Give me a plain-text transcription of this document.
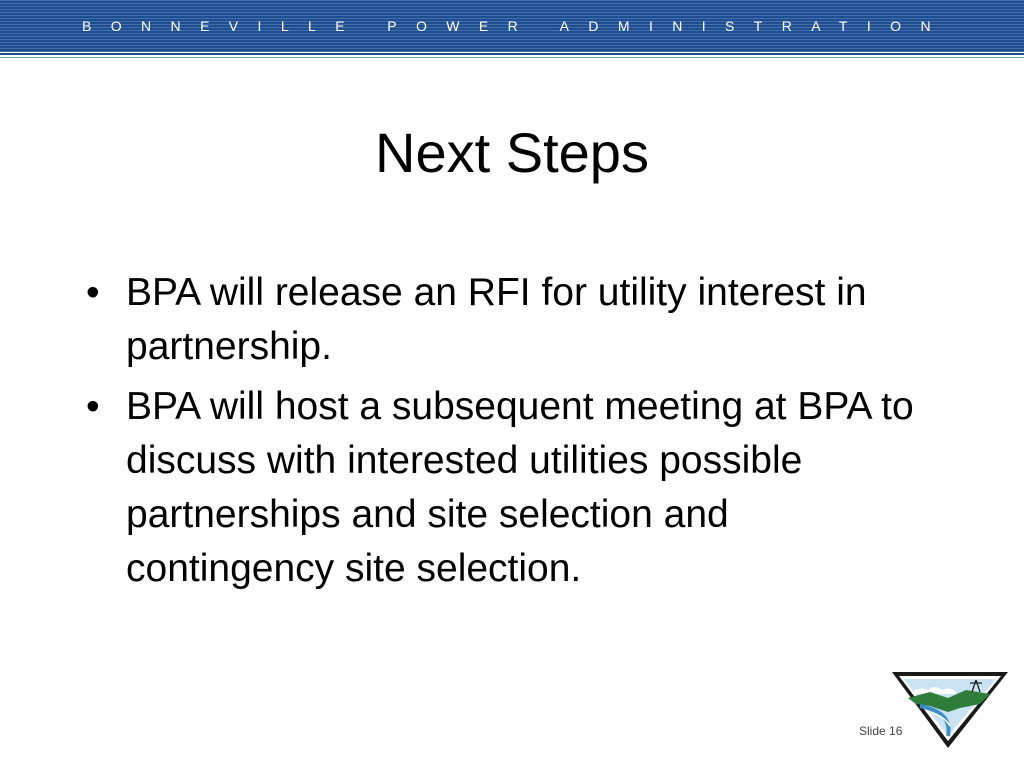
BONNEVILLE POWER ADMINISTRATION
Next Steps
• BPA will release an RFI for utility interest in partnership.
• BPA will host a subsequent meeting at BPA to discuss with interested utilities possible partnerships and site selection and contingency site selection.
Slide 16
